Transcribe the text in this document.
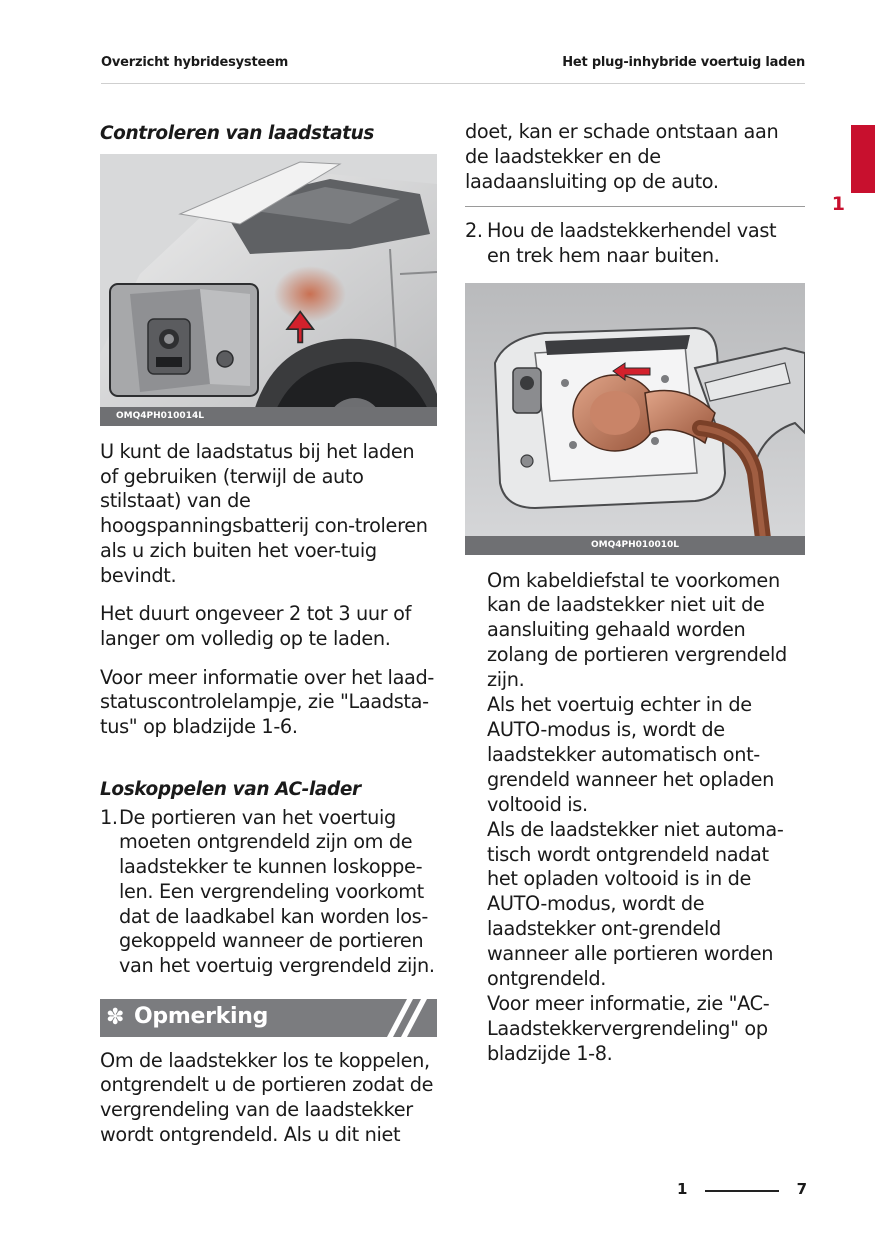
Overzicht hybridesysteem	Het plug-inhybride voertuig laden
1
Controleren van laadstatus
OMQ4PH010014L

U kunt de laadstatus bij het laden of gebruiken (terwijl de auto stilstaat) van de hoogspanningsbatterij con-troleren als u zich buiten het voer-tuig bevindt.

Het duurt ongeveer 2 tot 3 uur of langer om volledig op te laden.

Voor meer informatie over het laad-statuscontrolelampje, zie "Laadsta-tus" op bladzijde 1-6.

Loskoppelen van AC-lader
1. De portieren van het voertuig moeten ontgrendeld zijn om de laadstekker te kunnen loskoppe-len. Een vergrendeling voorkomt dat de laadkabel kan worden los-gekoppeld wanneer de portieren van het voertuig vergrendeld zijn.
✽ Opmerking

Om de laadstekker los te koppelen, ontgrendelt u de portieren zodat de vergrendeling van de laadstekker wordt ontgrendeld. Als u dit niet

doet, kan er schade ontstaan aan de laadstekker en de laadaansluiting op de auto.

2. Hou de laadstekkerhendel vast en trek hem naar buiten.
OMQ4PH010010L

Om kabeldiefstal te voorkomen kan de laadstekker niet uit de aansluiting gehaald worden zolang de portieren vergrendeld zijn.

Als het voertuig echter in de AUTO-modus is, wordt de laadstekker automatisch ont-grendeld wanneer het opladen voltooid is.

Als de laadstekker niet automa-tisch wordt ontgrendeld nadat het opladen voltooid is in de AUTO-modus, wordt de laadstekker ont-grendeld wanneer alle portieren worden ontgrendeld.

Voor meer informatie, zie "AC-Laadstekkervergrendeling" op bladzijde 1-8.

1	7
